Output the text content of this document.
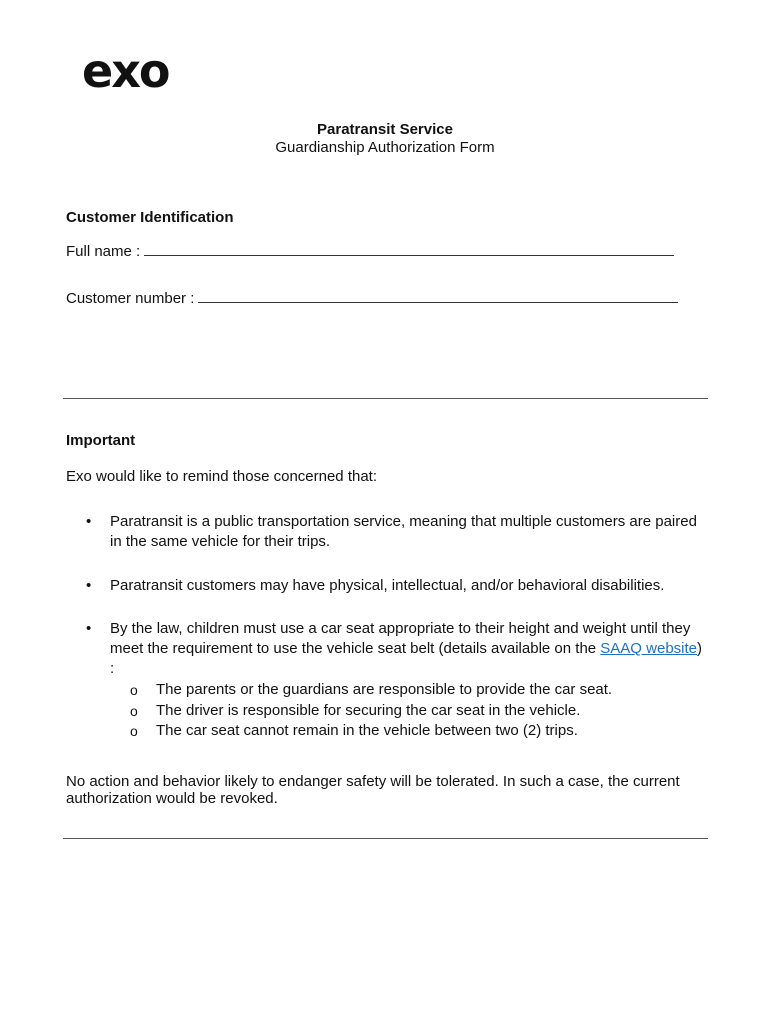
exo
Paratransit Service
Guardianship Authorization Form
Customer Identification
Full name :
Customer number :
Important
Exo would like to remind those concerned that:
• Paratransit is a public transportation service, meaning that multiple customers are paired in the same vehicle for their trips.
• Paratransit customers may have physical, intellectual, and/or behavioral disabilities.
• By the law, children must use a car seat appropriate to their height and weight until they meet the requirement to use the vehicle seat belt (details available on the SAAQ website) :
o The parents or the guardians are responsible to provide the car seat.
o The driver is responsible for securing the car seat in the vehicle.
o The car seat cannot remain in the vehicle between two (2) trips.
No action and behavior likely to endanger safety will be tolerated. In such a case, the current authorization would be revoked.
